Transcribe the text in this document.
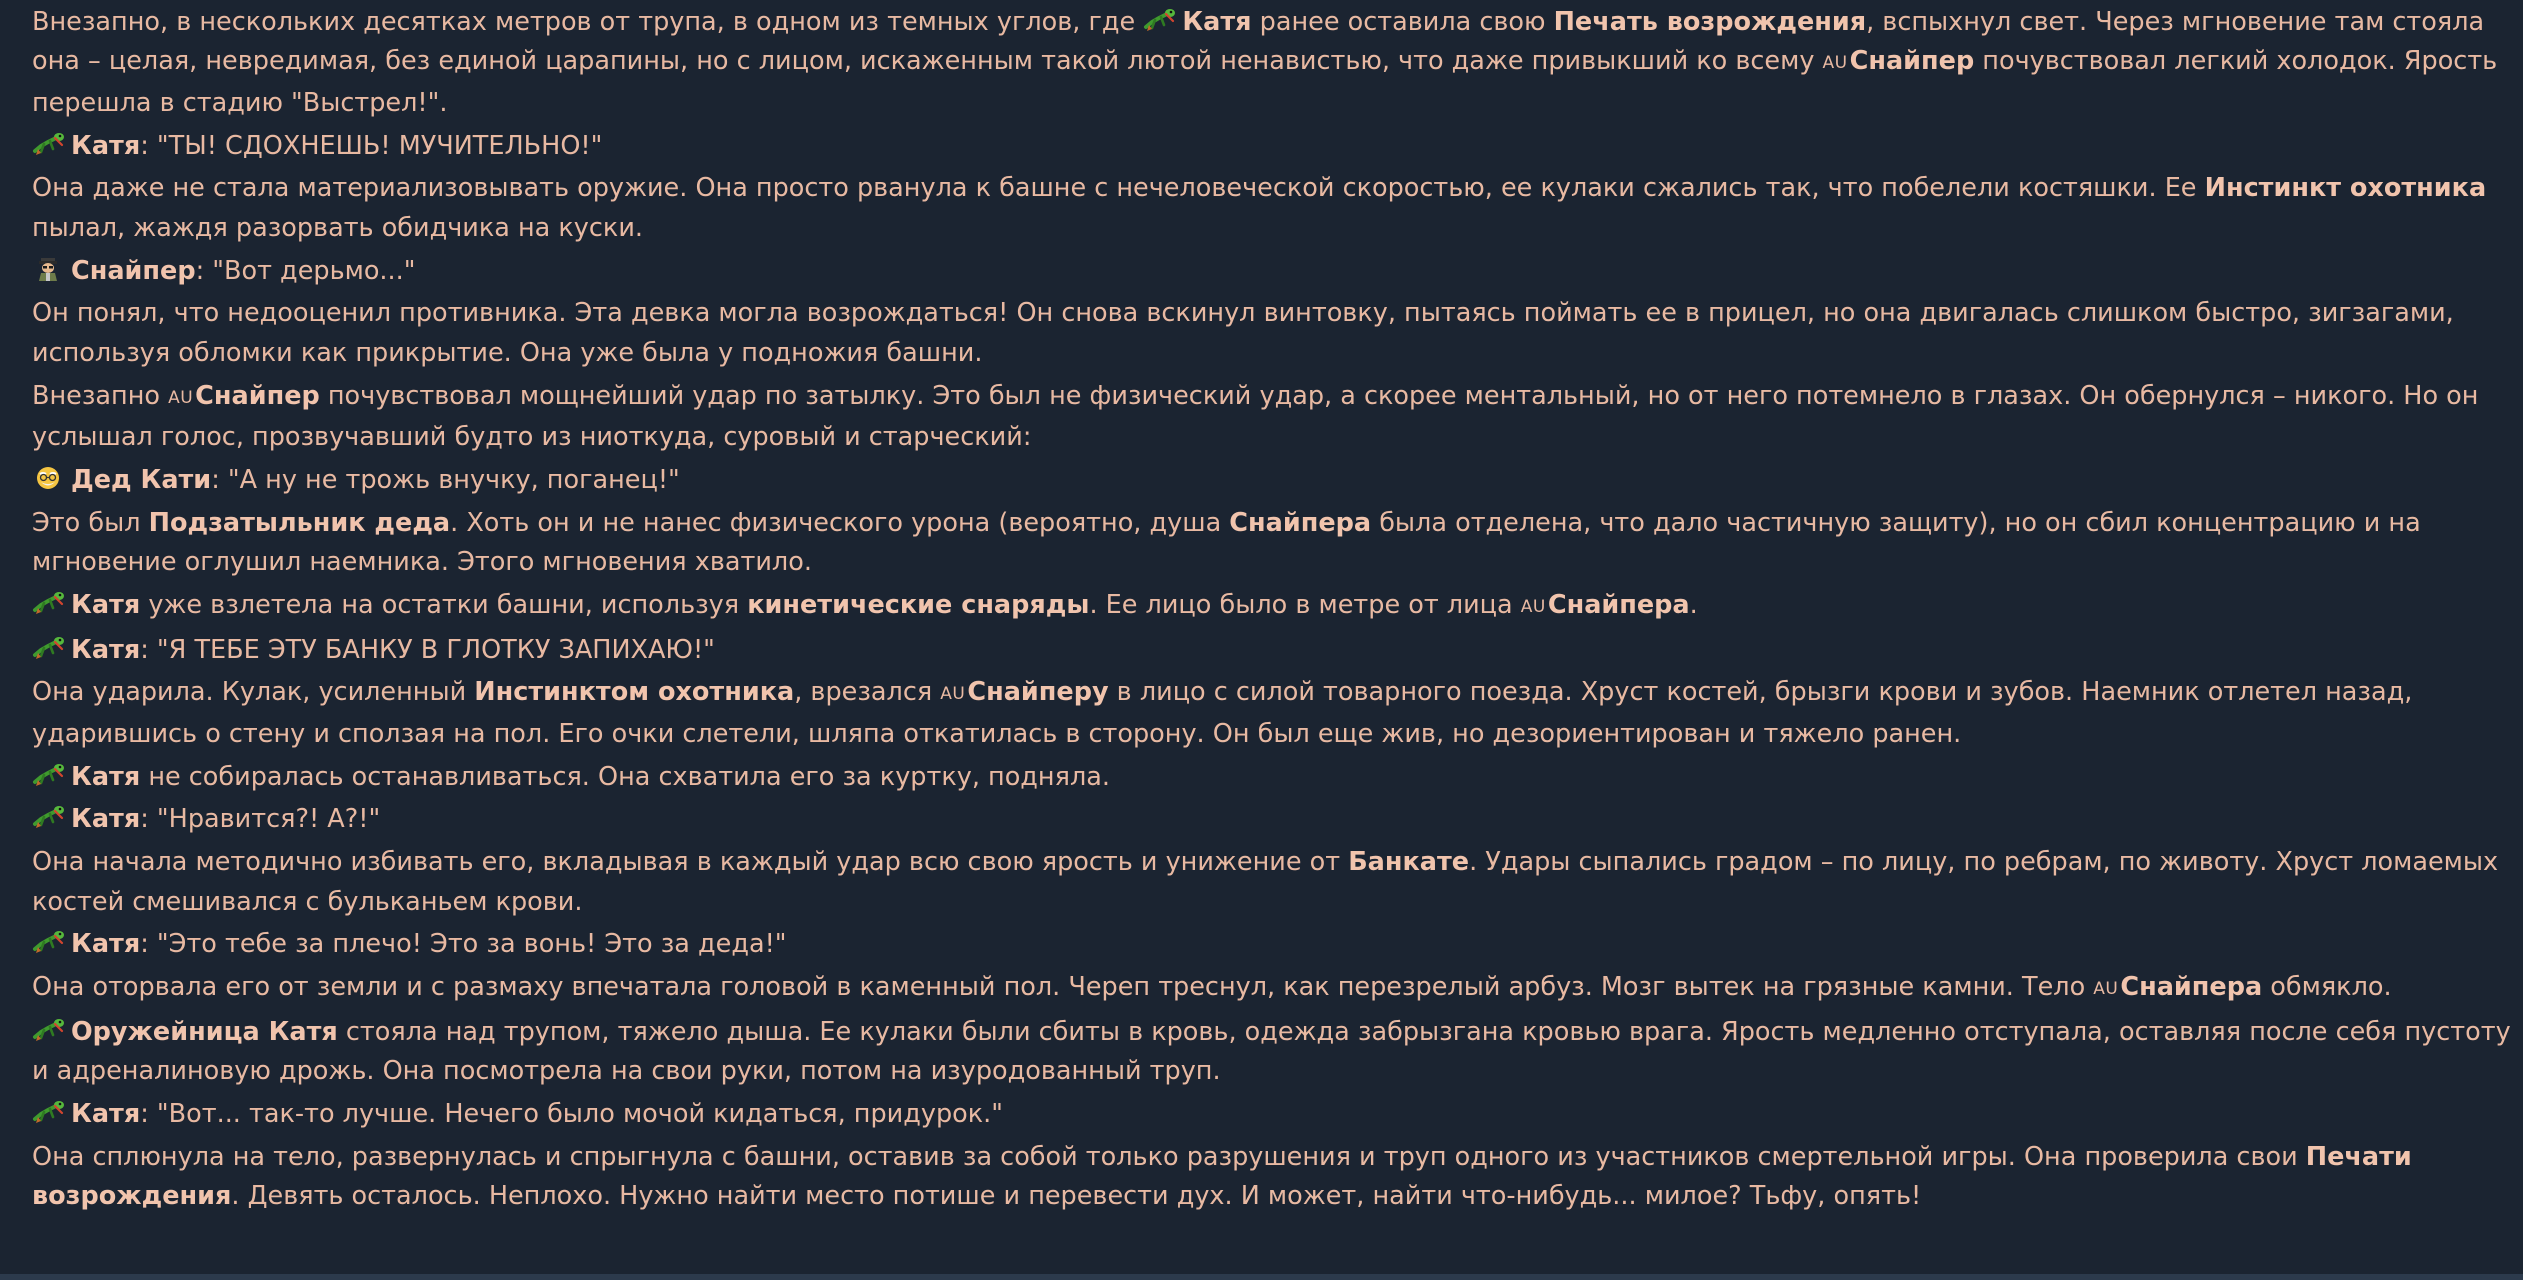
Внезапно, в нескольких десятках метров от трупа, в одном из темных углов, где Катя ранее оставила свою Печать возрождения, вспыхнул свет. Через мгновение там стояла она – целая, невредимая, без единой царапины, но с лицом, искаженным такой лютой ненавистью, что даже привыкший ко всему AUСнайпер почувствовал легкий холодок. Ярость перешла в стадию "Выстрел!".
Катя: "ТЫ! СДОХНЕШЬ! МУЧИТЕЛЬНО!"
Она даже не стала материализовывать оружие. Она просто рванула к башне с нечеловеческой скоростью, ее кулаки сжались так, что побелели костяшки. Ее Инстинкт охотника пылал, жаждя разорвать обидчика на куски.
Снайпер: "Вот дерьмо..."
Он понял, что недооценил противника. Эта девка могла возрождаться! Он снова вскинул винтовку, пытаясь поймать ее в прицел, но она двигалась слишком быстро, зигзагами, используя обломки как прикрытие. Она уже была у подножия башни.
Внезапно AUСнайпер почувствовал мощнейший удар по затылку. Это был не физический удар, а скорее ментальный, но от него потемнело в глазах. Он обернулся – никого. Но он услышал голос, прозвучавший будто из ниоткуда, суровый и старческий:
Дед Кати: "А ну не трожь внучку, поганец!"
Это был Подзатыльник деда. Хоть он и не нанес физического урона (вероятно, душа Снайпера была отделена, что дало частичную защиту), но он сбил концентрацию и на мгновение оглушил наемника. Этого мгновения хватило.
Катя уже взлетела на остатки башни, используя кинетические снаряды. Ее лицо было в метре от лица AUСнайпера.
Катя: "Я ТЕБЕ ЭТУ БАНКУ В ГЛОТКУ ЗАПИХАЮ!"
Она ударила. Кулак, усиленный Инстинктом охотника, врезался AUСнайперу в лицо с силой товарного поезда. Хруст костей, брызги крови и зубов. Наемник отлетел назад, ударившись о стену и сползая на пол. Его очки слетели, шляпа откатилась в сторону. Он был еще жив, но дезориентирован и тяжело ранен.
Катя не собиралась останавливаться. Она схватила его за куртку, подняла.
Катя: "Нравится?! А?!"
Она начала методично избивать его, вкладывая в каждый удар всю свою ярость и унижение от Банкате. Удары сыпались градом – по лицу, по ребрам, по животу. Хруст ломаемых костей смешивался с бульканьем крови.
Катя: "Это тебе за плечо! Это за вонь! Это за деда!"
Она оторвала его от земли и с размаху впечатала головой в каменный пол. Череп треснул, как перезрелый арбуз. Мозг вытек на грязные камни. Тело AUСнайпера обмякло.
Оружейница Катя стояла над трупом, тяжело дыша. Ее кулаки были сбиты в кровь, одежда забрызгана кровью врага. Ярость медленно отступала, оставляя после себя пустоту и адреналиновую дрожь. Она посмотрела на свои руки, потом на изуродованный труп.
Катя: "Вот... так-то лучше. Нечего было мочой кидаться, придурок."
Она сплюнула на тело, развернулась и спрыгнула с башни, оставив за собой только разрушения и труп одного из участников смертельной игры. Она проверила свои Печати возрождения. Девять осталось. Неплохо. Нужно найти место потише и перевести дух. И может, найти что-нибудь... милое? Тьфу, опять!
